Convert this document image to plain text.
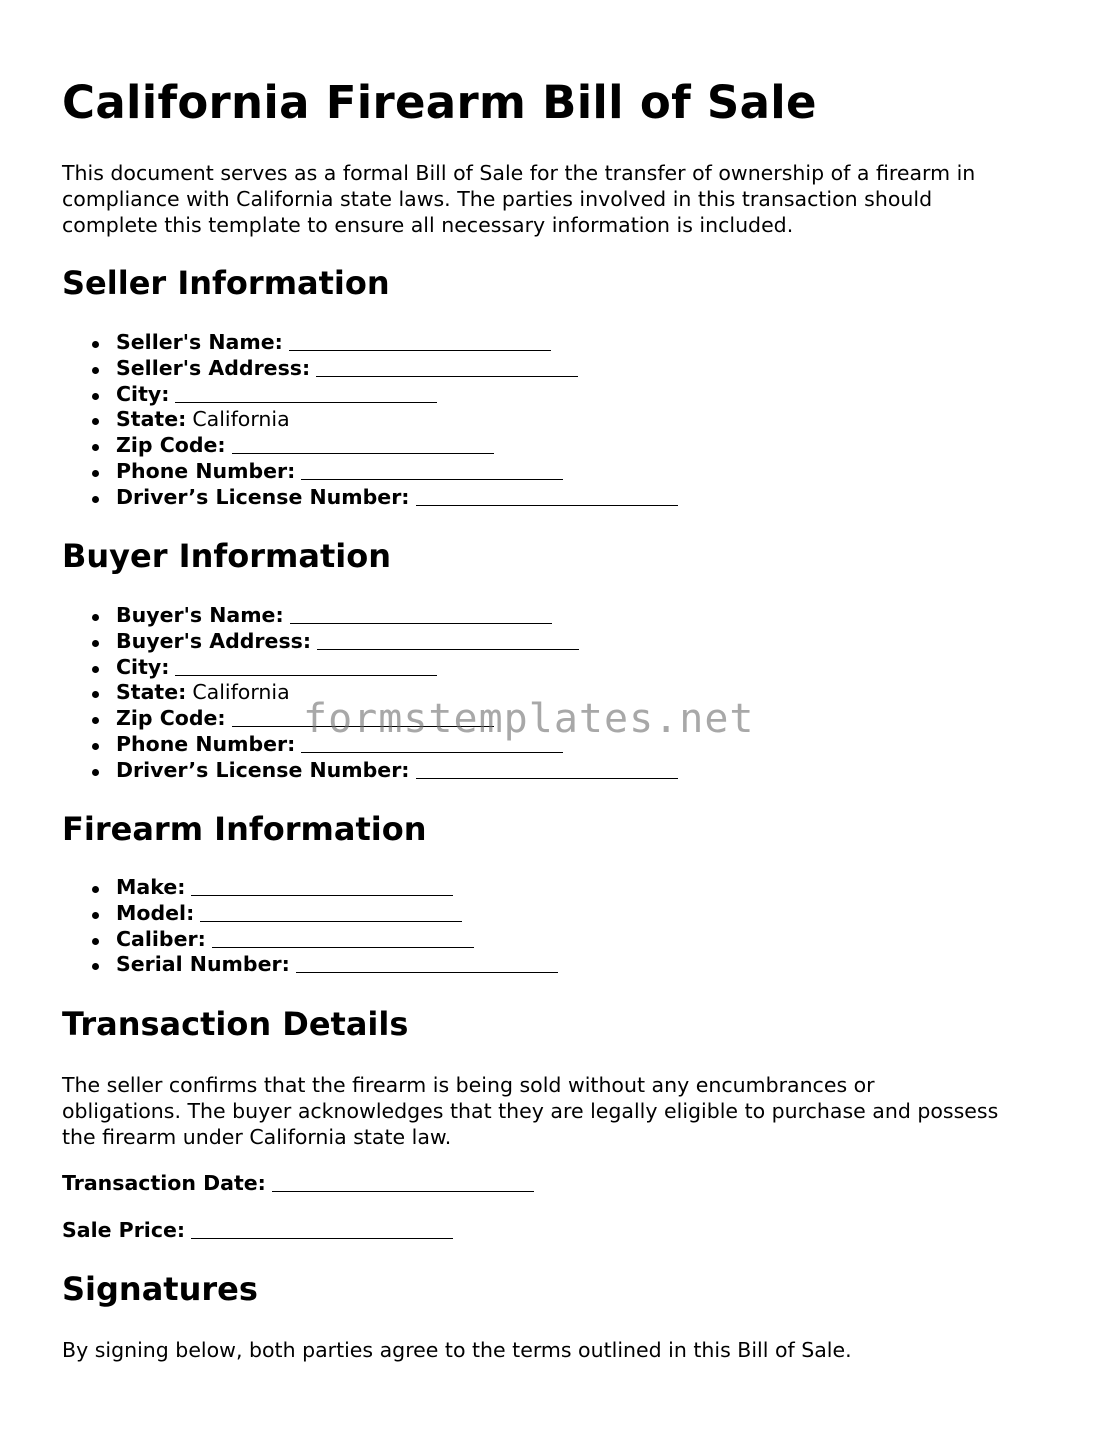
California Firearm Bill of Sale

This document serves as a formal Bill of Sale for the transfer of ownership of a firearm in
compliance with California state laws. The parties involved in this transaction should
complete this template to ensure all necessary information is included.

Seller Information
Seller's Name:
Seller's Address:
City:
State: California
Zip Code:
Phone Number:
Driver’s License Number:
Buyer Information
Buyer's Name:
Buyer's Address:
City:
State: California
Zip Code:
Phone Number:
Driver’s License Number:
Firearm Information
Make:
Model:
Caliber:
Serial Number:
Transaction Details

The seller confirms that the firearm is being sold without any encumbrances or
obligations. The buyer acknowledges that they are legally eligible to purchase and possess
the firearm under California state law.

Transaction Date:
Sale Price:
Signatures

By signing below, both parties agree to the terms outlined in this Bill of Sale.

formstemplates.net
